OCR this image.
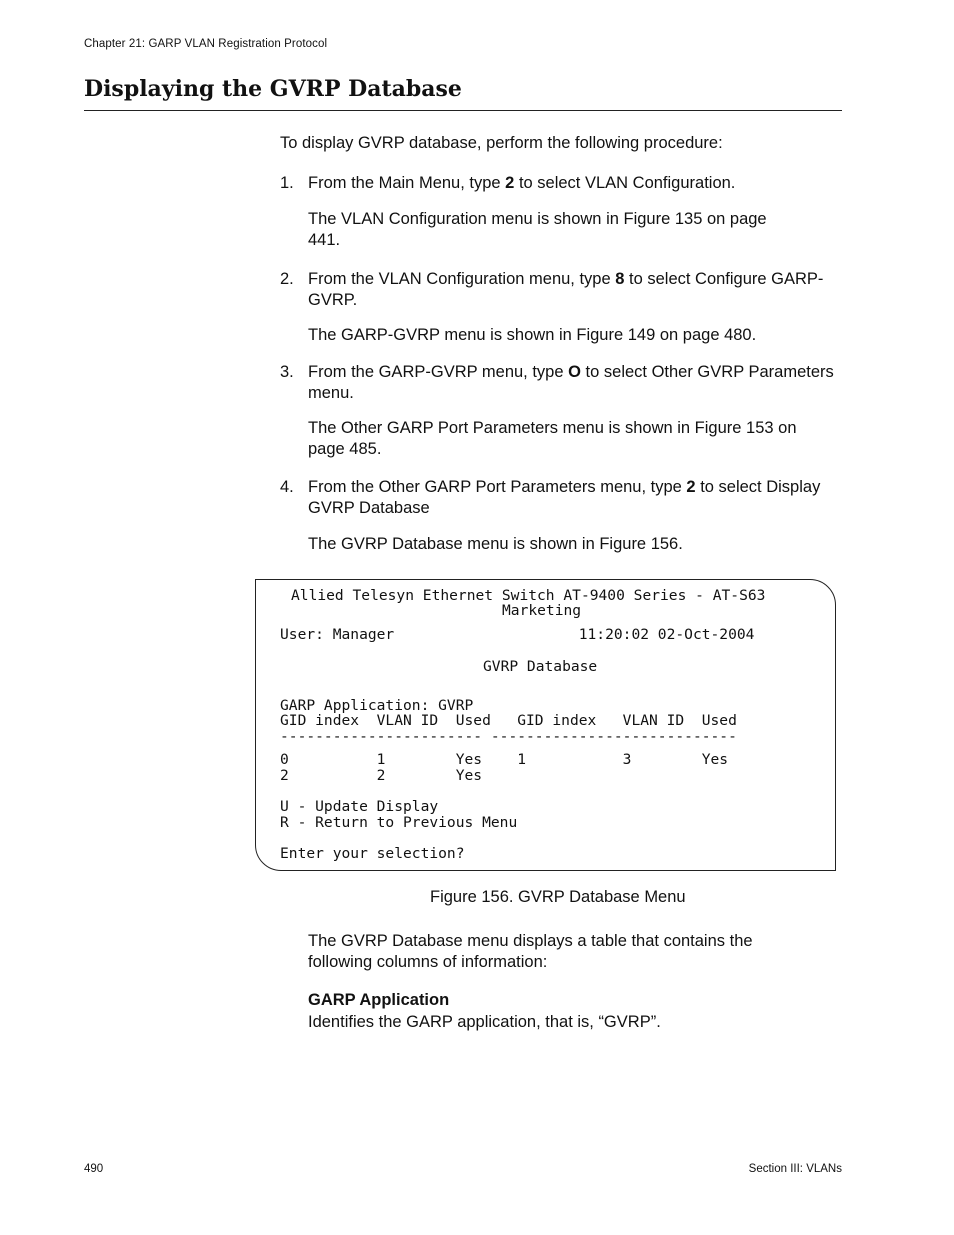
Chapter 21: GARP VLAN Registration Protocol
Displaying the GVRP Database
To display GVRP database, perform the following procedure:
1. From the Main Menu, type 2 to select VLAN Configuration.
The VLAN Configuration menu is shown in Figure 135 on page 441.
2. From the VLAN Configuration menu, type 8 to select Configure GARP-GVRP.
The GARP-GVRP menu is shown in Figure 149 on page 480.
3. From the GARP-GVRP menu, type O to select Other GVRP Parameters menu.
The Other GARP Port Parameters menu is shown in Figure 153 on page 485.
4. From the Other GARP Port Parameters menu, type 2 to select Display GVRP Database
The GVRP Database menu is shown in Figure 156.
Allied Telesyn Ethernet Switch AT-9400 Series - AT-S63
Marketing
User: Manager                     11:20:02 02-Oct-2004
GVRP Database
GARP Application: GVRP
GID index  VLAN ID  Used   GID index   VLAN ID  Used
----------------------- ----------------------------
0          1        Yes    1           3        Yes
2          2        Yes
U - Update Display
R - Return to Previous Menu
Enter your selection?
Figure 156. GVRP Database Menu
The GVRP Database menu displays a table that contains the following columns of information:
GARP Application
Identifies the GARP application, that is, “GVRP”.
490	Section III: VLANs
